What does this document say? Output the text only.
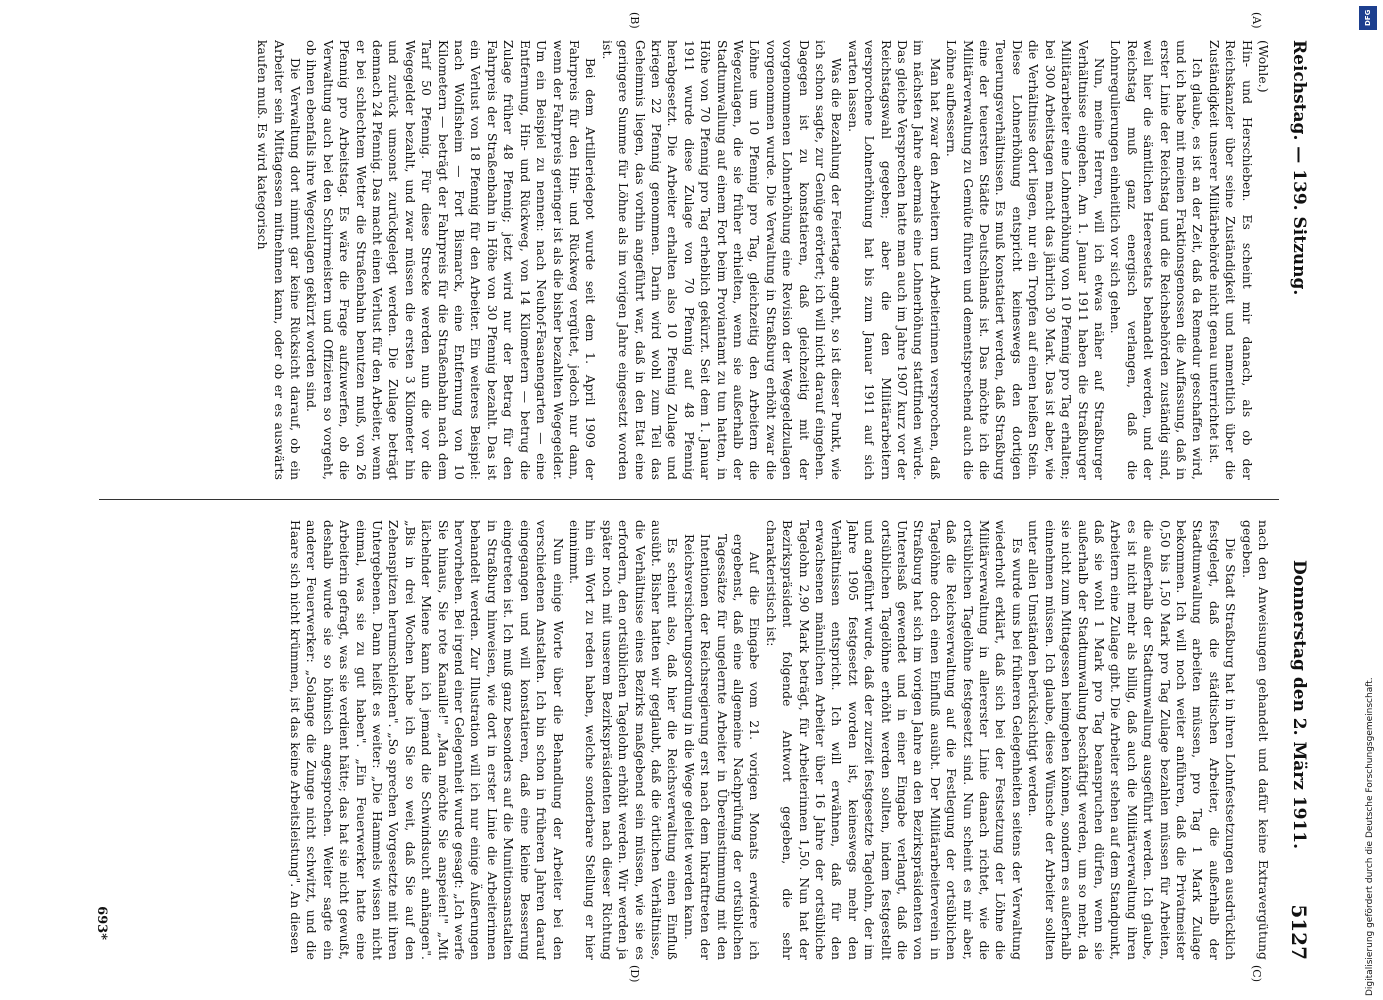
Reichstag. — 139. Sitzung.
Donnerstag den 2. März 1911.
5127
(A)
(B)
(C)
(D)

(Wohle.)

Hin- und Herschieben. Es scheint mir danach, als ob der Reichskanzler über seine Zuständigkeit und namentlich über die Zuständigkeit unserer Militärbehörde nicht genau unterrichtet ist.

Ich glaube, es ist an der Zeit, daß da Remedur geschaffen wird, und ich habe mit meinen Fraktionsgenossen die Auffassung, daß in erster Linie der Reichstag und die Reichsbehörden zuständig sind, weil hier die sämtlichen Heeresetats behandelt werden, und der Reichstag muß ganz energisch verlangen, daß die Lohnregulierungen einheitlich vor sich gehen.

Nun, meine Herren, will ich etwas näher auf Straßburger Verhältnisse eingehen. Am 1. Januar 1911 haben die Straßburger Militärarbeiter eine Lohnerhöhung von 10 Pfennig pro Tag erhalten; bei 300 Arbeitstagen macht das jährlich 30 Mark. Das ist aber, wie die Verhältnisse dort liegen, nur ein Tropfen auf einen heißen Stein. Diese Lohnerhöhung entspricht keineswegs den dortigen Teuerungsverhältnissen. Es muß konstatiert werden, daß Straßburg eine der teuersten Städte Deutschlands ist. Das möchte ich die Militärverwaltung zu Gemüte führen und dementsprechend auch die Löhne aufbessern.

Man hat zwar den Arbeitern und Arbeiterinnen versprochen, daß im nächsten Jahre abermals eine Lohnerhöhung stattfinden würde. Das gleiche Versprechen hatte man auch im Jahre 1907 kurz vor der Reichstagswahl gegeben; aber die den Militärarbeitern versprochene Lohnerhöhung hat bis zum Januar 1911 auf sich warten lassen.

Was die Bezahlung der Feiertage angeht, so ist dieser Punkt, wie ich schon sagte, zur Genüge erörtert; ich will nicht darauf eingehen. Dagegen ist zu konstatieren, daß gleichzeitig mit der vorgenommenen Lohnerhöhung eine Revision der Wegegeldzulagen vorgenommen wurde. Die Verwaltung in Straßburg erhöht zwar die Löhne um 10 Pfennig pro Tag, gleichzeitig den Arbeitern die Wegezulagen, die sie früher erhielten, wenn sie außerhalb der Stadtumwallung auf einem Fort beim Proviantamt zu tun hatten, in Höhe von 70 Pfennig pro Tag erheblich gekürzt. Seit dem 1. Januar 1911 wurde diese Zulage von 70 Pfennig auf 48 Pfennig herabgesetzt. Die Arbeiter erhalten also 10 Pfennig Zulage und kriegen 22 Pfennig genommen. Darin wird wohl zum Teil das Geheimnis liegen, das vorhin angeführt war, daß in den Etat eine geringere Summe für Löhne als im vorigen Jahre eingesetzt worden ist.

Bei dem Artilleriedepot wurde seit dem 1. April 1909 der Fahrpreis für den Hin- und Rückweg vergütet, jedoch nur dann, wenn der Fahrpreis geringer ist als die bisher bezahlten Wegegelder. Um ein Beispiel zu nennen: nach Neuhof-Fasanengarten — eine Entfernung, Hin- und Rückweg, von 14 Kilometern — betrug die Zulage früher 48 Pfennig; jetzt wird nur der Betrag für den Fahrpreis der Straßenbahn in Höhe von 30 Pfennig bezahlt. Das ist ein Verlust von 18 Pfennig für den Arbeiter. Ein weiteres Beispiel: nach Wolfisheim — Fort Bismarck, eine Entfernung von 10 Kilometern — beträgt der Fahrpreis für die Straßenbahn nach dem Tarif 50 Pfennig. Für diese Strecke werden nun die vor die Wegegelder bezahlt, und zwar müssen die ersten 3 Kilometer hin und zurück umsonst zurückgelegt werden. Die Zulage beträgt demnach 24 Pfennig. Das macht einen Verlust für den Arbeiter, wenn er bei schlechtem Wetter die Straßenbahn benutzen muß, von 26 Pfennig pro Arbeitstag. Es wäre die Frage aufzuwerfen, ob die Verwaltung auch bei den Schirrmeistern und Offizieren so vorgeht, ob ihnen ebenfalls ihre Wegezulagen gekürzt worden sind.

Die Verwaltung dort nimmt gar keine Rücksicht darauf, ob ein Arbeiter sein Mittagessen mitnehmen kann, oder ob er es auswärts kaufen muß. Es wird kategorisch

nach den Anweisungen gehandelt und dafür keine Extravergütung gegeben.

Die Stadt Straßburg hat in ihren Lohnfestsetzungen ausdrücklich festgelegt, daß die städtischen Arbeiter, die außerhalb der Stadtumwallung arbeiten müssen, pro Tag 1 Mark Zulage bekommen. Ich will noch weiter anführen, daß die Privatmeister 0,50 bis 1,50 Mark pro Tag Zulage bezahlen müssen für Arbeiten, die außerhalb der Stadtumwallung ausgeführt werden. Ich glaube, es ist nicht mehr als billig, daß auch die Militärverwaltung ihren Arbeitern eine Zulage gibt. Die Arbeiter stehen auf dem Standpunkt, daß sie wohl 1 Mark pro Tag beanspruchen dürfen, wenn sie außerhalb der Stadtumwallung beschäftigt werden, um so mehr, da sie nicht zum Mittagessen heimgehen können, sondern es außerhalb einnehmen müssen. Ich glaube, diese Wünsche der Arbeiter sollten unter allen Umständen berücksichtigt werden.

Es wurde uns bei früheren Gelegenheiten seitens der Verwaltung wiederholt erklärt, daß sich bei der Festsetzung der Löhne die Militärverwaltung in allererster Linie danach richtet, wie die ortsüblichen Tagelöhne festgesetzt sind. Nun scheint es mir aber, daß die Reichsverwaltung auf die Festlegung der ortsüblichen Tagelöhne doch einen Einfluß ausübt. Der Militärarbeiterverein in Straßburg hat sich im vorigen Jahre an den Bezirkspräsidenten von Unterelsaß gewendet und in einer Eingabe verlangt, daß die ortsüblichen Tagelöhne erhöht werden sollten, indem festgestellt und angeführt wurde, daß der zurzeit festgesetzte Tagelohn, der im Jahre 1905 festgesetzt worden ist, keineswegs mehr den Verhältnissen entspricht. Ich will erwähnen, daß für den erwachsenen männlichen Arbeiter über 16 Jahre der ortsübliche Tagelohn 2,90 Mark beträgt, für Arbeiterinnen 1,50. Nun hat der Bezirkspräsident folgende Antwort gegeben, die sehr charakteristisch ist:

Auf die Eingabe vom 21. vorigen Monats erwidere ich ergebenst, daß eine allgemeine Nachprüfung der ortsüblichen Tagessätze für ungelernte Arbeiter in Übereinstimmung mit den Intentionen der Reichsregierung erst nach dem Inkrafttreten der Reichsversicherungsordnung in die Wege geleitet werden kann.

Es scheint also, daß hier die Reichsverwaltung einen Einfluß ausübt. Bisher hatten wir geglaubt, daß die örtlichen Verhältnisse, die Verhältnisse eines Bezirks maßgebend sein müssen, wie sie es erfordern, den ortsüblichen Tagelohn erhöht werden. Wir werden ja später noch mit unserem Bezirkspräsidenten nach dieser Richtung hin ein Wort zu reden haben, welche sonderbare Stellung er hier einnimmt.

Nun einige Worte über die Behandlung der Arbeiter bei den verschiedenen Anstalten. Ich bin schon in früheren Jahren darauf eingegangen und will konstatieren, daß eine kleine Besserung eingetreten ist. Ich muß ganz besonders auf die Munitionsanstalten in Straßburg hinweisen, wie dort in erster Linie die Arbeiterinnen behandelt werden. Zur Illustration will ich nur einige Äußerungen hervorheben. Bei irgend einer Gelegenheit wurde gesagt: „Ich werfe Sie hinaus, Sie rote Kanaille!" „Man möchte Sie anspeien!" „Mit lächelnder Miene kann ich jemand die Schwindsucht anhängen". „Bis in drei Wochen habe ich Sie so weit, daß Sie auf den Zehenspitzen herumschleichen". „So sprechen Vorgesetzte mit ihren Untergebenen. Dann heißt es weiter: „Die Hammels wissen nicht einmal, was sie zu gut haben". „Ein Feuerwerker hatte eine Arbeiterin gefragt, was sie verdient hätte; das hat sie nicht gewußt, deshalb wurde sie so höhnisch angesprochen. Weiter sagte ein anderer Feuerwerker: „Solange die Zunge nicht schwitzt, und die Haare sich nicht krümmen, ist das keine Arbeitsleistung". An diesen

693*
DFG
Digitalisierung gefördert durch die Deutsche Forschungsgemeinschaft.
